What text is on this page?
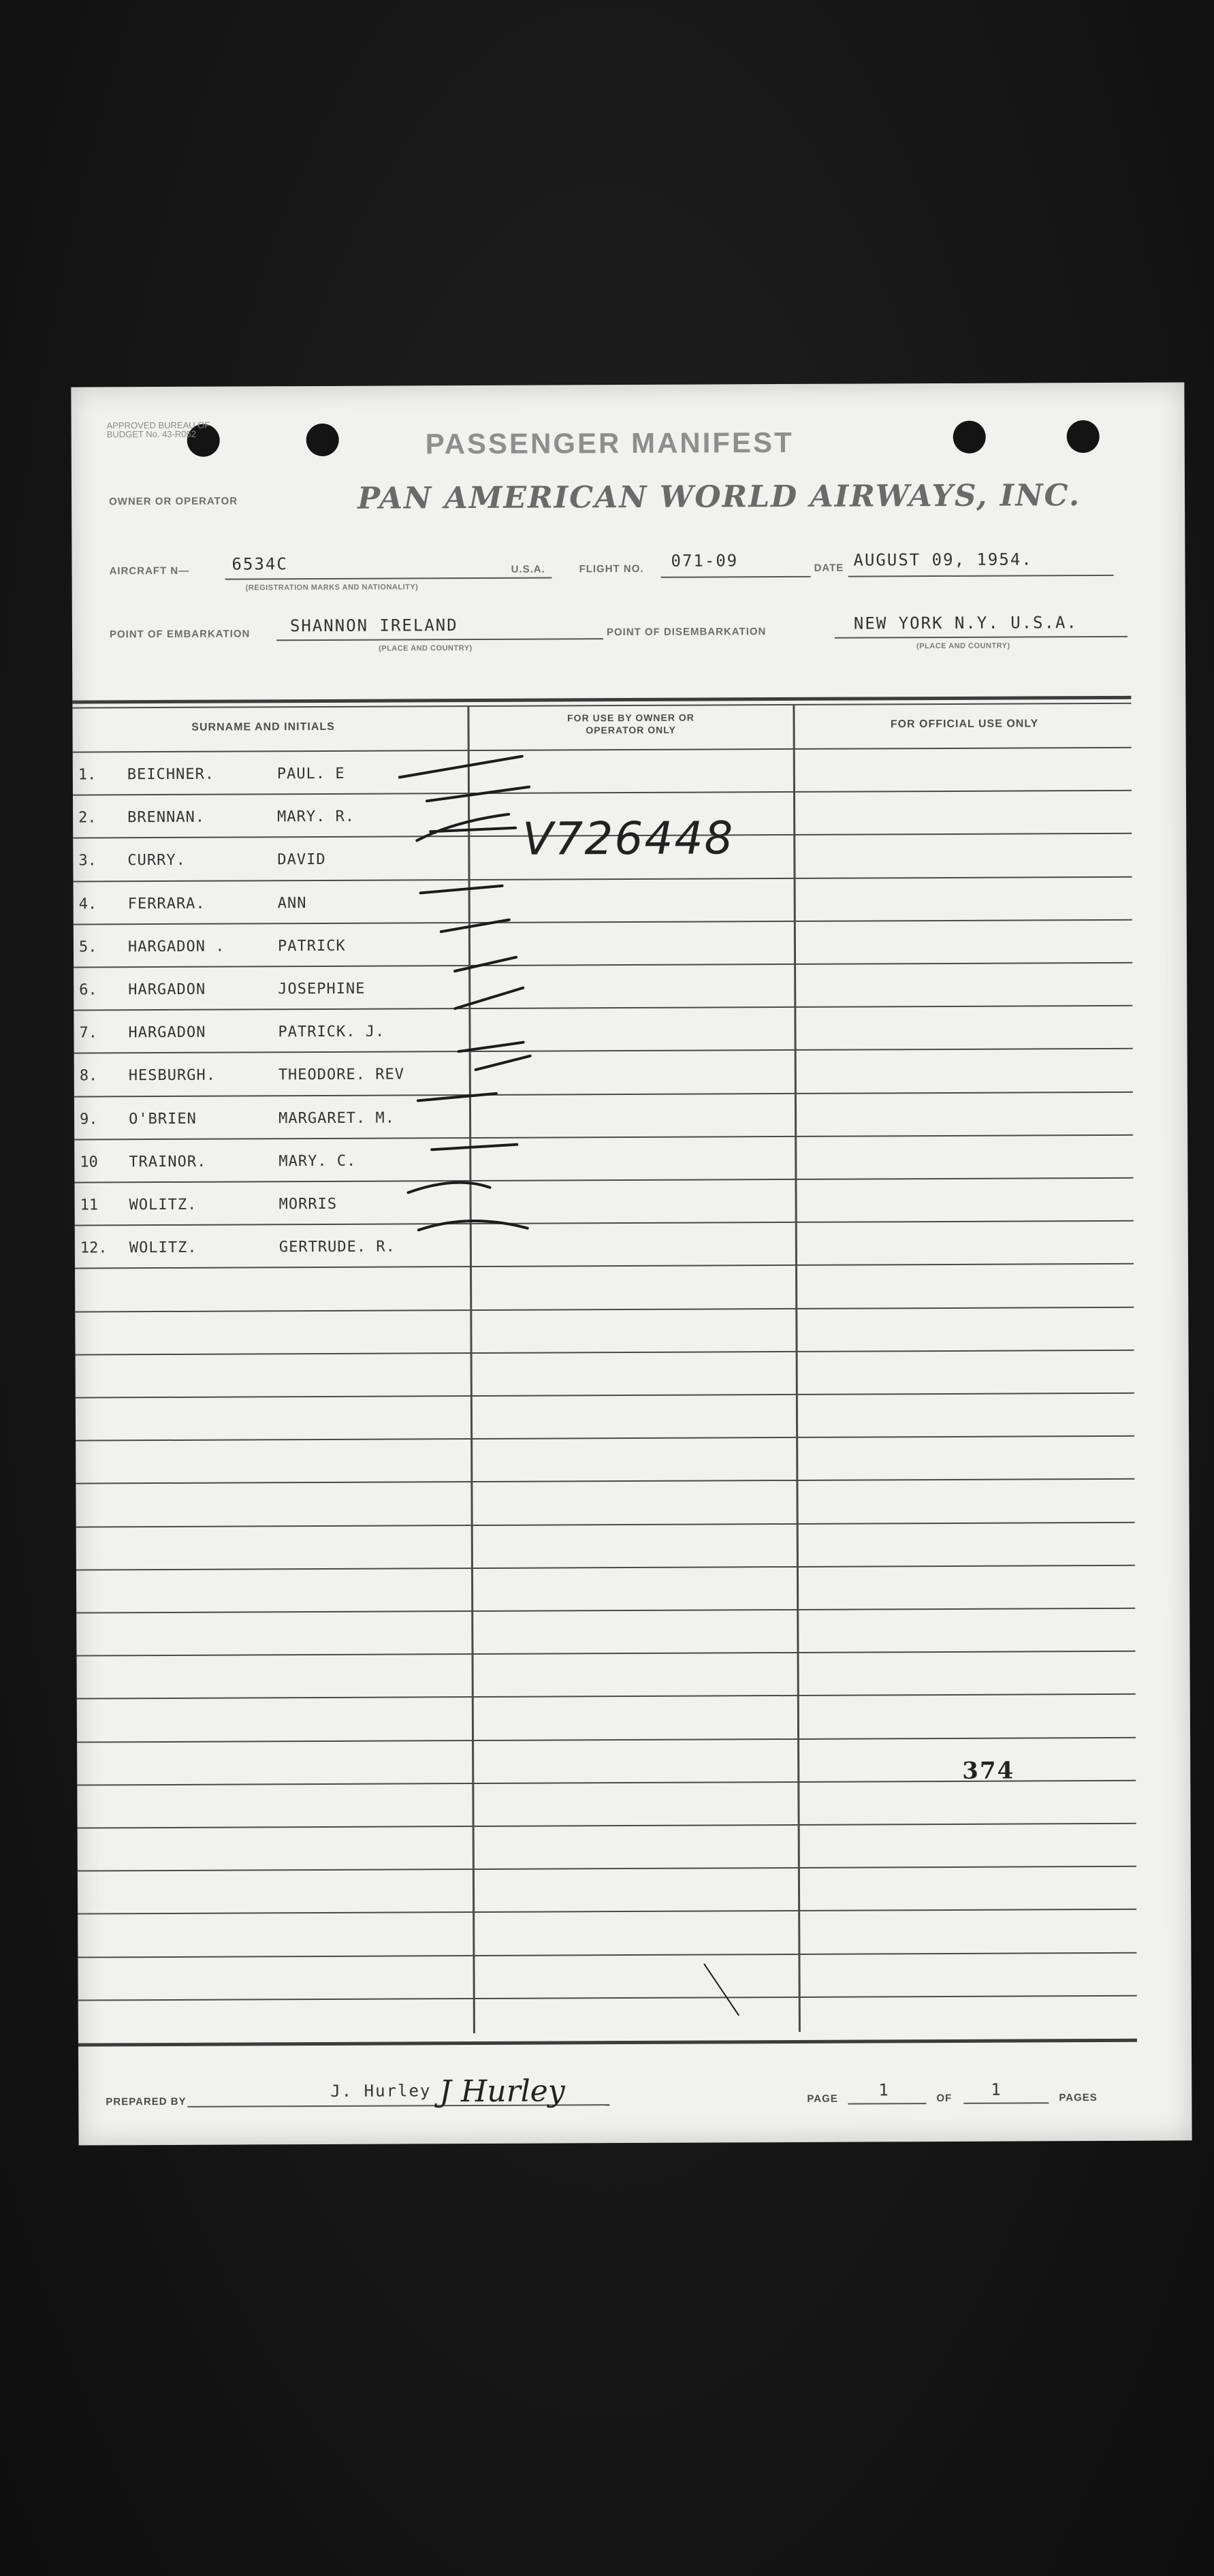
APPROVED BUREAU OF BUDGET No. 43-R052	PASSENGER MANIFEST
OWNER OR OPERATOR	PAN AMERICAN WORLD AIRWAYS, INC.
AIRCRAFT N—	6534C
(REGISTRATION MARKS AND NATIONALITY)
U.S.A.	FLIGHT NO. 071-09	DATE AUGUST 09, 1954.
POINT OF EMBARKATION SHANNON IRELAND
(PLACE AND COUNTRY)
POINT OF DISEMBARKATION	NEW YORK N.Y. U.S.A.
(PLACE AND COUNTRY)
SURNAME AND INITIALS
FOR USE BY OWNER OR OPERATOR ONLY	FOR OFFICIAL USE ONLY
1. BEICHNER.	PAUL. E
2. BRENNAN.	MARY. R.
3. CURRY.	DAVID
4. FERRARA.	ANN
5. HARGADON .	PATRICK
6. HARGADON	JOSEPHINE
7. HARGADON	PATRICK. J.
8. HESBURGH.	THEODORE. REV
9. O'BRIEN	MARGARET. M.
10 TRAINOR.	MARY. C.
11 WOLITZ.	MORRIS
12. WOLITZ.	GERTRUDE. R.
V726448
374
PREPARED BY
J. Hurley J Hurley	PAGE 1	OF 1	PAGES
